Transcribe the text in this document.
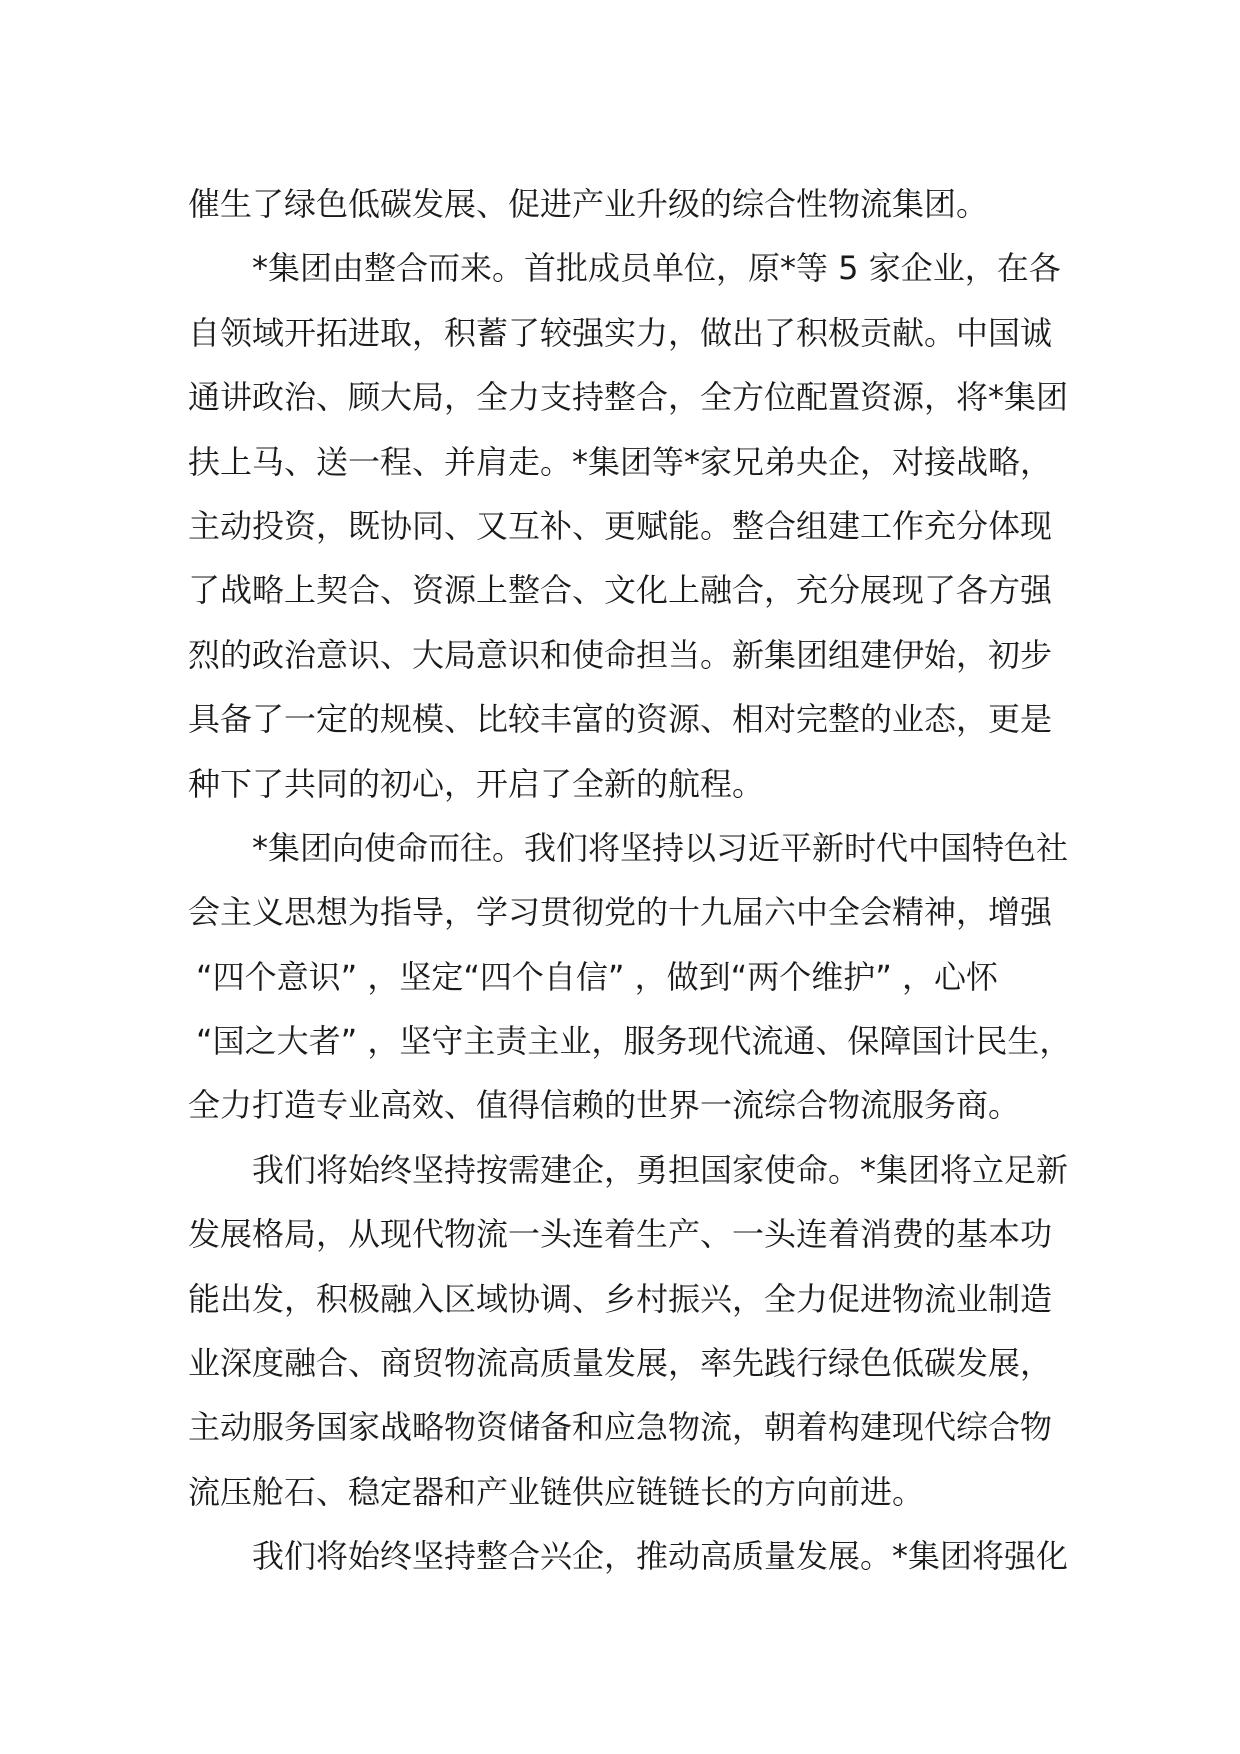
催生了绿色低碳发展、促进产业升级的综合性物流集团。
*集团由整合而来。首批成员单位，原*等 5 家企业，在各
自领域开拓进取，积蓄了较强实力，做出了积极贡献。中国诚
通讲政治、顾大局，全力支持整合，全方位配置资源，将*集团
扶上马、送一程、并肩走。*集团等*家兄弟央企，对接战略，
主动投资，既协同、又互补、更赋能。整合组建工作充分体现
了战略上契合、资源上整合、文化上融合，充分展现了各方强
烈的政治意识、大局意识和使命担当。新集团组建伊始，初步
具备了一定的规模、比较丰富的资源、相对完整的业态，更是
种下了共同的初心，开启了全新的航程。
*集团向使命而往。我们将坚持以习近平新时代中国特色社
会主义思想为指导，学习贯彻党的十九届六中全会精神，增强
“四个意识” ，坚定“四个自信” ，做到“两个维护” ，心怀
“国之大者” ，坚守主责主业，服务现代流通、保障国计民生，
全力打造专业高效、值得信赖的世界一流综合物流服务商。
我们将始终坚持按需建企，勇担国家使命。*集团将立足新
发展格局，从现代物流一头连着生产、一头连着消费的基本功
能出发，积极融入区域协调、乡村振兴，全力促进物流业制造
业深度融合、商贸物流高质量发展，率先践行绿色低碳发展，
主动服务国家战略物资储备和应急物流，朝着构建现代综合物
流压舱石、稳定器和产业链供应链链长的方向前进。
我们将始终坚持整合兴企，推动高质量发展。*集团将强化
